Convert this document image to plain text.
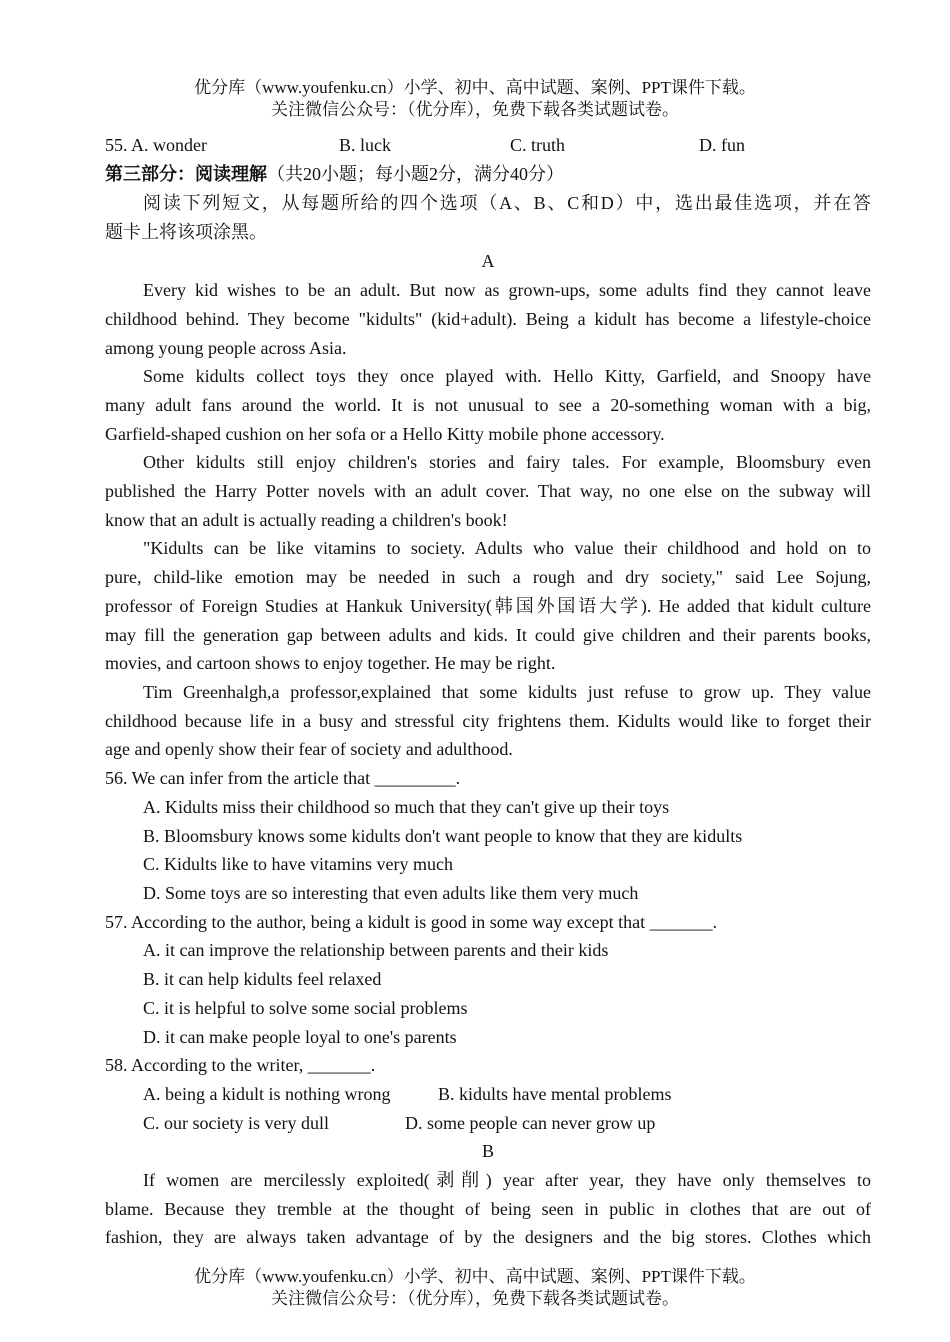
优分库（www.youfenku.cn）小学、初中、高中试题、案例、PPT课件下载。
关注微信公众号：（优分库），免费下载各类试题试卷。
55. A. wonder	B. luck	C. truth	D. fun
第三部分：阅读理解（共20小题；每小题2分，满分40分）
阅读下列短文，从每题所给的四个选项（A、B、C和D）中，选出最佳选项，并在答
题卡上将该项涂黑。
A
Every kid wishes to be an adult. But now as grown-ups, some adults find they cannot leave
childhood behind. They become "kidults" (kid+adult). Being a kidult has become a lifestyle-choice
among young people across Asia.
Some kidults collect toys they once played with. Hello Kitty, Garfield, and Snoopy have
many adult fans around the world. It is not unusual to see a 20-something woman with a big,
Garfield-shaped cushion on her sofa or a Hello Kitty mobile phone accessory.
Other kidults still enjoy children's stories and fairy tales. For example, Bloomsbury even
published the Harry Potter novels with an adult cover. That way, no one else on the subway will
know that an adult is actually reading a children's book!
"Kidults can be like vitamins to society. Adults who value their childhood and hold on to
pure, child-like emotion may be needed in such a rough and dry society," said Lee Sojung,
professor of Foreign Studies at Hankuk University(韩国外国语大学). He added that kidult culture
may fill the generation gap between adults and kids. It could give children and their parents books,
movies, and cartoon shows to enjoy together. He may be right.
Tim Greenhalgh,a professor,explained that some kidults just refuse to grow up. They value
childhood because life in a busy and stressful city frightens them. Kidults would like to forget their
age and openly show their fear of society and adulthood.
56. We can infer from the article that _________.
A. Kidults miss their childhood so much that they can't give up their toys
B. Bloomsbury knows some kidults don't want people to know that they are kidults
C. Kidults like to have vitamins very much
D. Some toys are so interesting that even adults like them very much
57. According to the author, being a kidult is good in some way except that _______.
A. it can improve the relationship between parents and their kids
B. it can help kidults feel relaxed
C. it is helpful to solve some social problems
D. it can make people loyal to one's parents
58. According to the writer, _______.
A. being a kidult is nothing wrong	B. kidults have mental problems
C. our society is very dull	D. some people can never grow up
B
If women are mercilessly exploited(剥削) year after year, they have only themselves to
blame. Because they tremble at the thought of being seen in public in clothes that are out of
fashion, they are always taken advantage of by the designers and the big stores. Clothes which
优分库（www.youfenku.cn）小学、初中、高中试题、案例、PPT课件下载。
关注微信公众号：（优分库），免费下载各类试题试卷。
